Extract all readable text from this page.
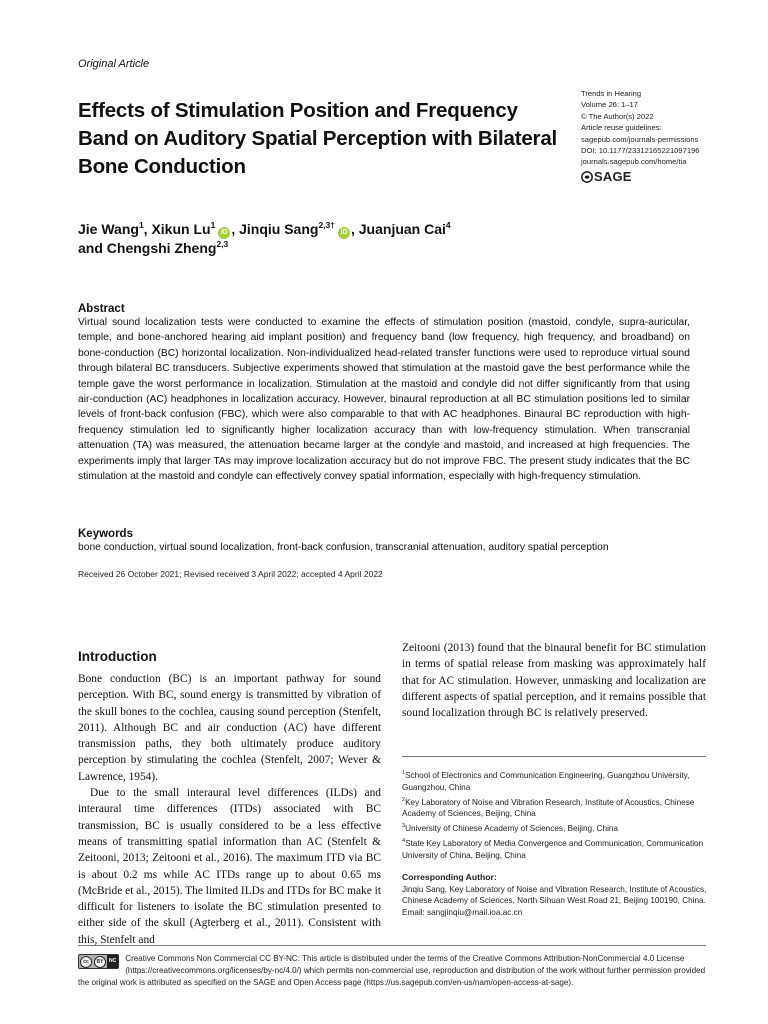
Original Article
Effects of Stimulation Position and Frequency Band on Auditory Spatial Perception with Bilateral Bone Conduction
Trends in Hearing
Volume 26: 1–17
© The Author(s) 2022
Article reuse guidelines:
sagepub.com/journals-permissions
DOI: 10.1177/23312165221097196
journals.sagepub.com/home/tia
SAGE
Jie Wang$^1$, Xikun Lu$^1$iD , Jinqiu Sang$^{2,3\dagger}$iD , Juanjuan Cai$^4$
and Chengshi Zheng$^{2,3}$
Abstract
Virtual sound localization tests were conducted to examine the effects of stimulation position (mastoid, condyle, supra-auricular, temple, and bone-anchored hearing aid implant position) and frequency band (low frequency, high frequency, and broadband) on bone-conduction (BC) horizontal localization. Non-individualized head-related transfer functions were used to reproduce virtual sound through bilateral BC transducers. Subjective experiments showed that stimulation at the mastoid gave the best performance while the temple gave the worst performance in localization. Stimulation at the mastoid and condyle did not differ significantly from that using air-conduction (AC) headphones in localization accuracy. However, binaural reproduction at all BC stimulation positions led to similar levels of front-back confusion (FBC), which were also comparable to that with AC headphones. Binaural BC reproduction with high-frequency stimulation led to significantly higher localization accuracy than with low-frequency stimulation. When transcranial attenuation (TA) was measured, the attenuation became larger at the condyle and mastoid, and increased at high frequencies. The experiments imply that larger TAs may improve localization accuracy but do not improve FBC. The present study indicates that the BC stimulation at the mastoid and condyle can effectively convey spatial information, especially with high-frequency stimulation.
Keywords
bone conduction, virtual sound localization, front-back confusion, transcranial attenuation, auditory spatial perception
Received 26 October 2021; Revised received 3 April 2022; accepted 4 April 2022
Introduction

Bone conduction (BC) is an important pathway for sound perception. With BC, sound energy is transmitted by vibration of the skull bones to the cochlea, causing sound perception (Stenfelt, 2011). Although BC and air conduction (AC) have different transmission paths, they both ultimately produce auditory perception by stimulating the cochlea (Stenfelt, 2007; Wever & Lawrence, 1954).

Due to the small interaural level differences (ILDs) and interaural time differences (ITDs) associated with BC transmission, BC is usually considered to be a less effective means of transmitting spatial information than AC (Stenfelt & Zeitooni, 2013; Zeitooni et al., 2016). The maximum ITD via BC is about 0.2 ms while AC ITDs range up to about 0.65 ms (McBride et al., 2015). The limited ILDs and ITDs for BC make it difficult for listeners to isolate the BC stimulation presented to either side of the skull (Agterberg et al., 2011). Consistent with this, Stenfelt and

Zeitooni (2013) found that the binaural benefit for BC stimulation in terms of spatial release from masking was approximately half that for AC stimulation. However, unmasking and localization are different aspects of spatial perception, and it remains possible that sound localization through BC is relatively preserved.

$^1$School of Electronics and Communication Engineering, Guangzhou University, Guangzhou, China
$^2$Key Laboratory of Noise and Vibration Research, Institute of Acoustics, Chinese Academy of Sciences, Beijing, China
$^3$University of Chinese Academy of Sciences, Beijing, China
$^4$State Key Laboratory of Media Convergence and Communication, Communication University of China, Beijing, China
Corresponding Author:
Jinqiu Sang, Key Laboratory of Noise and Vibration Research, Institute of Acoustics, Chinese Academy of Sciences, North Sihuan West Road 21, Beijing 100190, China.
Email: sangjinqiu@mail.ioa.ac.cn
cc	BY	NC Creative Commons Non Commercial CC BY-NC: This article is distributed under the terms of the Creative Commons Attribution-NonCommercial 4.0 License (https://creativecommons.org/licenses/by-nc/4.0/) which permits non-commercial use, reproduction and distribution of the work without further permission provided the original work is attributed as specified on the SAGE and Open Access page (https://us.sagepub.com/en-us/nam/open-access-at-sage).
